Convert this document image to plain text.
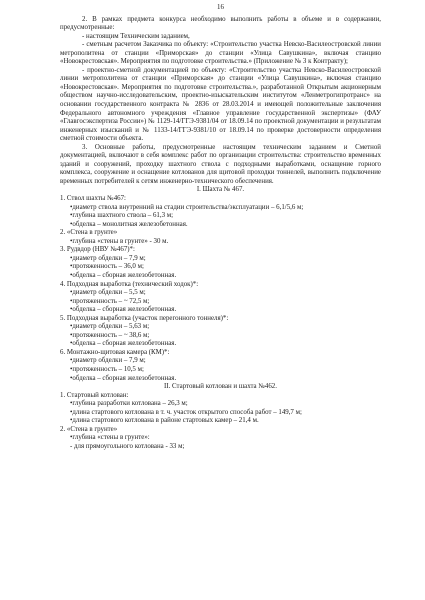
16

2. В рамках предмета конкурса необходимо выполнить работы в объеме и в содержании, предусмотренные:

- настоящим Техническим заданием,

- сметным расчетом Заказчика по объекту: «Строительство участка Невско-Василеостровской линии метрополитена от станции «Приморская» до станции «Улица Савушкина», включая станцию «Новокрестовская». Мероприятия по подготовке строительства.» (Приложение № 3 к Контракту);

- проектно-сметной документацией по объекту: «Строительство участка Невско-Василеостровской линии метрополитена от станции «Приморская» до станции «Улица Савушкина», включая станцию «Новокрестовская». Мероприятия по подготовке строительства.», разработанной Открытым акционерным обществом научно-исследовательским, проектно-изыскательским институтом «Ленметрогипротранс» на основании государственного контракта № 2836 от 28.03.2014 и имеющей положительные заключения Федерального автономного учреждения «Главное управление государственной экспертизы» (ФАУ «Главгосэкспертиза России») № 1129-14/ГГЭ-9381/04 от 18.09.14 по проектной документации и результатам инженерных изысканий и № 1133-14/ГГЭ-9381/10 от 18.09.14 по проверке достоверности определения сметной стоимости объекта.

3. Основные работы, предусмотренные настоящим техническим заданием и Сметной документацией, включают в себя комплекс работ по организации строительства: строительство временных зданий и сооружений, проходку шахтного ствола с подходными выработками, оснащение горного комплекса, сооружение и оснащение котлованов для щитовой проходки тоннелей, выполнить подключение временных потребителей к сетям инженерно-технического обеспечения.

I. Шахта № 467.
1. Ствол шахты №467:
•диаметр ствола внутренний на стадии строительства/эксплуатации – 6,1/5,6 м;
•глубина шахтного ствола – 61,3 м;
•обделка – монолитная железобетонная.
2. «Стена в грунте»
•глубина «стены в грунте» - 30 м.
3. Рудвдор (НВУ №467)*:
•диаметр обделки – 7,9 м;
•протяженность – 36,0 м;
•обделка – сборная железобетонная.
4. Подходная выработка (технический ходок)*:
•диаметр обделки – 5,5 м;
•протяженность – ~ 72,5 м;
•обделка – сборная железобетонная.
5. Подходная выработка (участок перегонного тоннеля)*:
•диаметр обделки – 5,63 м;
•протяженность – ~ 38,6 м;
•обделка – сборная железобетонная.
6. Монтажно-щитовая камера (КМ)*:
•диаметр обделки – 7,9 м;
•протяженность – 10,5 м;
•обделка – сборная железобетонная.
II. Стартовый котлован и шахта №462.
1. Стартовый котлован:
•глубина разработки котлована – 26,3 м;
•длина стартового котлована в т. ч. участок открытого способа работ – 149,7 м;
•длина стартового котлована в районе стартовых камер – 21,4 м.
2. «Стена в грунте»
•глубина «стены в грунте»:
- для прямоугольного котлована - 33 м;
